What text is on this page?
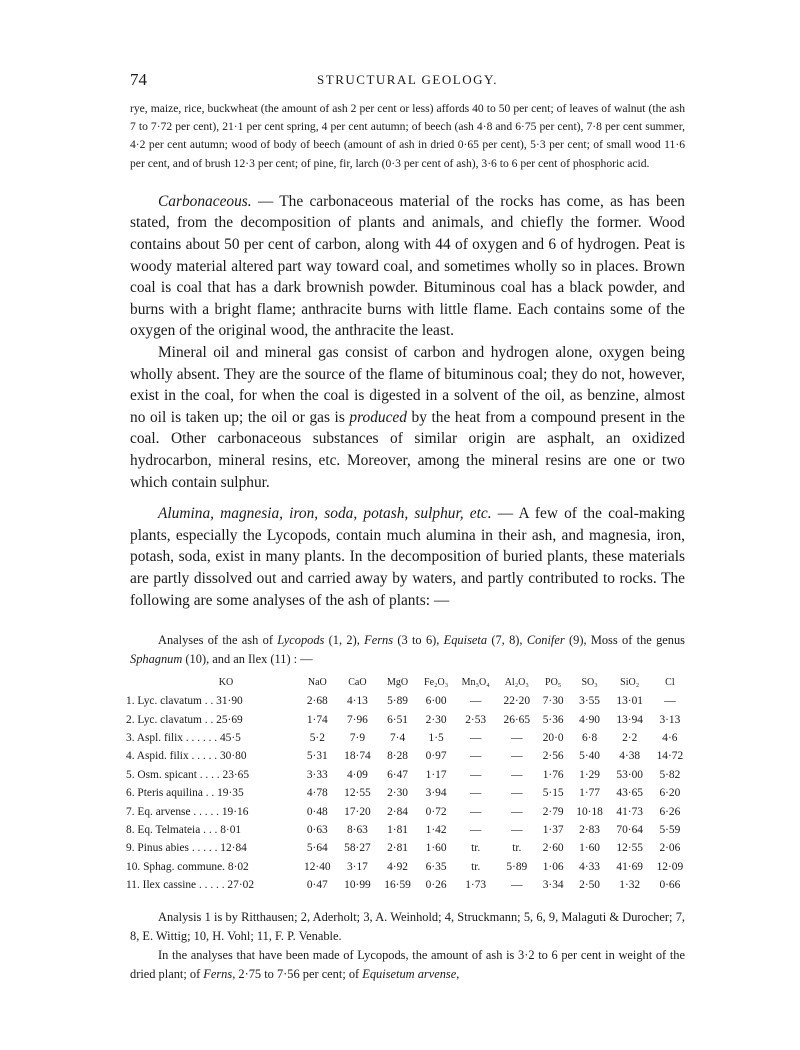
74	STRUCTURAL GEOLOGY.

rye, maize, rice, buckwheat (the amount of ash 2 per cent or less) affords 40 to 50 per cent; of leaves of walnut (the ash 7 to 7·72 per cent), 21·1 per cent spring, 4 per cent autumn; of beech (ash 4·8 and 6·75 per cent), 7·8 per cent summer, 4·2 per cent autumn; wood of body of beech (amount of ash in dried 0·65 per cent), 5·3 per cent; of small wood 11·6 per cent, and of brush 12·3 per cent; of pine, fir, larch (0·3 per cent of ash), 3·6 to 6 per cent of phosphoric acid.

Carbonaceous. — The carbonaceous material of the rocks has come, as has been stated, from the decomposition of plants and animals, and chiefly the former. Wood contains about 50 per cent of carbon, along with 44 of oxygen and 6 of hydrogen. Peat is woody material altered part way toward coal, and sometimes wholly so in places. Brown coal is coal that has a dark brownish powder. Bituminous coal has a black powder, and burns with a bright flame; anthracite burns with little flame. Each contains some of the oxygen of the original wood, the anthracite the least.

Mineral oil and mineral gas consist of carbon and hydrogen alone, oxygen being wholly absent. They are the source of the flame of bituminous coal; they do not, however, exist in the coal, for when the coal is digested in a solvent of the oil, as benzine, almost no oil is taken up; the oil or gas is produced by the heat from a compound present in the coal. Other carbonaceous substances of similar origin are asphalt, an oxidized hydrocarbon, mineral resins, etc. Moreover, among the mineral resins are one or two which contain sulphur.

Alumina, magnesia, iron, soda, potash, sulphur, etc. — A few of the coal-making plants, especially the Lycopods, contain much alumina in their ash, and magnesia, iron, potash, soda, exist in many plants. In the decomposition of buried plants, these materials are partly dissolved out and carried away by waters, and partly contributed to rocks. The following are some analyses of the ash of plants: —

Analyses of the ash of Lycopods (1, 2), Ferns (3 to 6), Equiseta (7, 8), Conifer (9), Moss of the genus Sphagnum (10), and an Ilex (11) : —

	KO	NaO	CaO	MgO	Fe₂O₃	Mn₃O₄	Al₂O₃	PO₅	SO₃	SiO₂	Cl
1. Lyc. clavatum . . 31·90		2·68	4·13	5·89	6·00	—	22·20	7·30	3·55	13·01	—
2. Lyc. clavatum . . 25·69		1·74	7·96	6·51	2·30	2·53	26·65	5·36	4·90	13·94	3·13
3. Aspl. filix . . . . . . 45·5		5·2	7·9	7·4	1·5	—	—	20·0	6·8	2·2	4·6
4. Aspid. filix . . . . . 30·80		5·31	18·74	8·28	0·97	—	—	2·56	5·40	4·38	14·72
5. Osm. spicant . . . . 23·65		3·33	4·09	6·47	1·17	—	—	1·76	1·29	53·00	5·82
6. Pteris aquilina . . 19·35		4·78	12·55	2·30	3·94	—	—	5·15	1·77	43·65	6·20
7. Eq. arvense . . . . . 19·16		0·48	17·20	2·84	0·72	—	—	2·79	10·18	41·73	6·26
8. Eq. Telmateia . . . 8·01		0·63	8·63	1·81	1·42	—	—	1·37	2·83	70·64	5·59
9. Pinus abies . . . . . 12·84		5·64	58·27	2·81	1·60	tr.	tr.	2·60	1·60	12·55	2·06
10. Sphag. commune. 8·02		12·40	3·17	4·92	6·35	tr.	5·89	1·06	4·33	41·69	12·09
11. Ilex cassine . . . . . 27·02		0·47	10·99	16·59	0·26	1·73	—	3·34	2·50	1·32	0·66

Analysis 1 is by Ritthausen; 2, Aderholt; 3, A. Weinhold; 4, Struckmann; 5, 6, 9, Malaguti & Durocher; 7, 8, E. Wittig; 10, H. Vohl; 11, F. P. Venable.

In the analyses that have been made of Lycopods, the amount of ash is 3·2 to 6 per cent in weight of the dried plant; of Ferns, 2·75 to 7·56 per cent; of Equisetum arvense,
